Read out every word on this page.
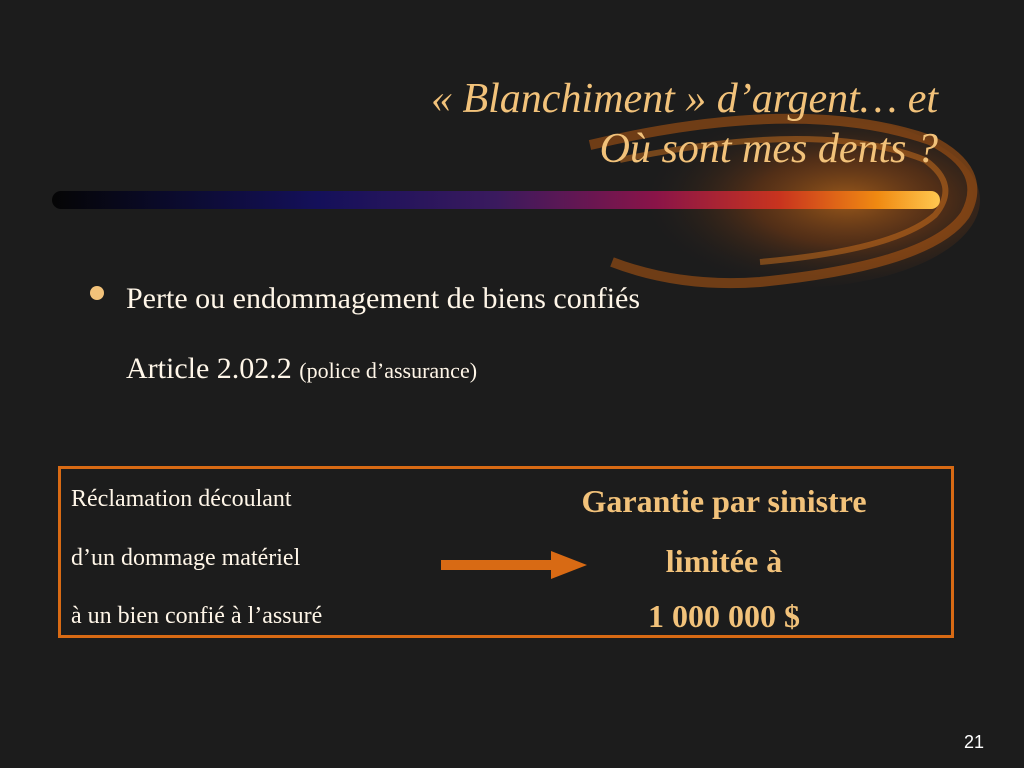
« Blanchiment » d’argent… et
Où sont mes dents ?
Perte ou endommagement de biens confiés
Article 2.02.2 (police d’assurance)
Réclamation découlant
d’un dommage matériel
à un bien confié à l’assuré
Garantie par sinistre
limitée à
1 000 000 $
21
